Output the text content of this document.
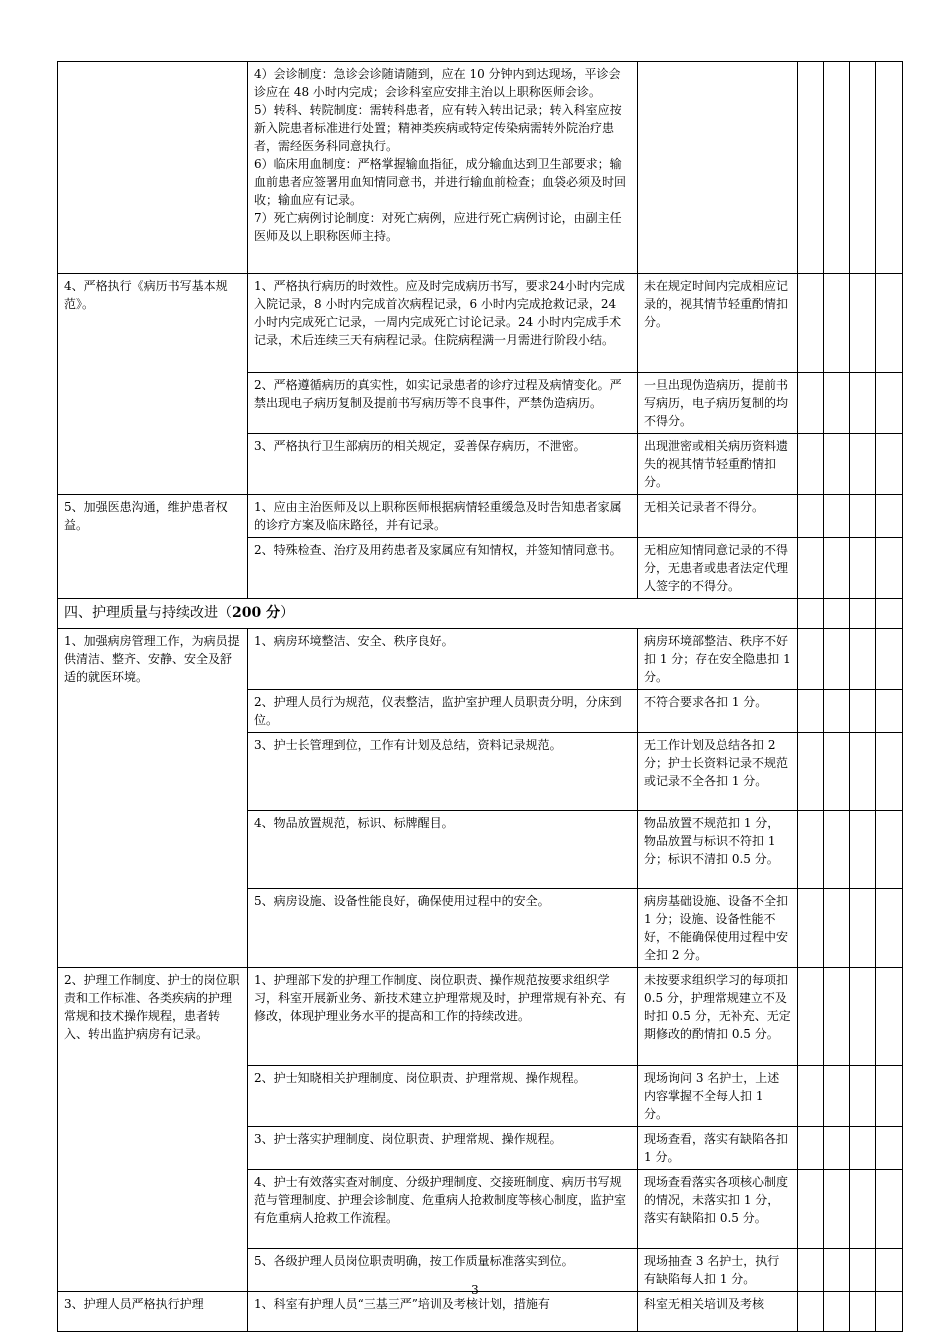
	4）会诊制度：急诊会诊随请随到，应在 10 分钟内到达现场，平诊会诊应在 48 小时内完成；会诊科室应安排主治以上职称医师会诊。
5）转科、转院制度：需转科患者，应有转入转出记录；转入科室应按新入院患者标准进行处置；精神类疾病或特定传染病需转外院治疗患者，需经医务科同意执行。
6）临床用血制度：严格掌握输血指征，成分输血达到卫生部要求；输血前患者应签署用血知情同意书，并进行输血前检查；血袋必须及时回收；输血应有记录。
7）死亡病例讨论制度：对死亡病例，应进行死亡病例讨论，由副主任医师及以上职称医师主持。					

4、严格执行《病历书写基本规范》。	1、严格执行病历的时效性。应及时完成病历书写，要求24小时内完成入院记录，8 小时内完成首次病程记录，6 小时内完成抢救记录，24 小时内完成死亡记录，一周内完成死亡讨论记录。24 小时内完成手术记录，术后连续三天有病程记录。住院病程满一月需进行阶段小结。	未在规定时间内完成相应记录的，视其情节轻重酌情扣分。				

	2、严格遵循病历的真实性，如实记录患者的诊疗过程及病情变化。严禁出现电子病历复制及提前书写病历等不良事件，严禁伪造病历。	一旦出现伪造病历，提前书写病历，电子病历复制的均不得分。				

	3、严格执行卫生部病历的相关规定，妥善保存病历，不泄密。	出现泄密或相关病历资料遗失的视其情节轻重酌情扣分。				
5、加强医患沟通，维护患者权益。	1、应由主治医师及以上职称医师根据病情轻重缓急及时告知患者家属的诊疗方案及临床路径，并有记录。	无相关记录者不得分。				

	2、特殊检查、治疗及用药患者及家属应有知情权，并签知情同意书。	无相应知情同意记录的不得分，无患者或患者法定代理人签字的不得分。				
四、护理质量与持续改进（200 分）						
1、加强病房管理工作，为病员提供清洁、整齐、安静、安全及舒适的就医环境。	1、病房环境整洁、安全、秩序良好。	病房环境部整洁、秩序不好扣 1 分；存在安全隐患扣 1 分。				

	2、护理人员行为规范，仪表整洁，监护室护理人员职责分明，分床到位。	不符合要求各扣 1 分。				

	3、护士长管理到位，工作有计划及总结，资料记录规范。	无工作计划及总结各扣 2 分；护士长资料记录不规范或记录不全各扣 1 分。				

	4、物品放置规范，标识、标牌醒目。	物品放置不规范扣 1 分，物品放置与标识不符扣 1 分；标识不清扣 0.5 分。				

	5、病房设施、设备性能良好，确保使用过程中的安全。	病房基础设施、设备不全扣 1 分；设施、设备性能不好，不能确保使用过程中安全扣 2 分。				
2、护理工作制度、护士的岗位职责和工作标准、各类疾病的护理常规和技术操作规程，患者转入、转出监护病房有记录。	1、护理部下发的护理工作制度、岗位职责、操作规范按要求组织学习，科室开展新业务、新技术建立护理常规及时，护理常规有补充、有修改，体现护理业务水平的提高和工作的持续改进。	未按要求组织学习的每项扣 0.5 分，护理常规建立不及时扣 0.5 分，无补充、无定期修改的酌情扣 0.5 分。				

	2、护士知晓相关护理制度、岗位职责、护理常规、操作规程。	现场询问 3 名护士，上述内容掌握不全每人扣 1 分。				

	3、护士落实护理制度、岗位职责、护理常规、操作规程。	现场查看，落实有缺陷各扣 1 分。				

	4、护士有效落实查对制度、分级护理制度、交接班制度、病历书写规范与管理制度、护理会诊制度、危重病人抢救制度等核心制度，监护室有危重病人抢救工作流程。	现场查看落实各项核心制度的情况，未落实扣 1 分，落实有缺陷扣 0.5 分。				

	5、各级护理人员岗位职责明确，按工作质量标准落实到位。	现场抽查 3 名护士，执行有缺陷每人扣 1 分。				
3、护理人员严格执行护理	1、科室有护理人员“三基三严”培训及考核计划，措施有	科室无相关培训及考核				
3
